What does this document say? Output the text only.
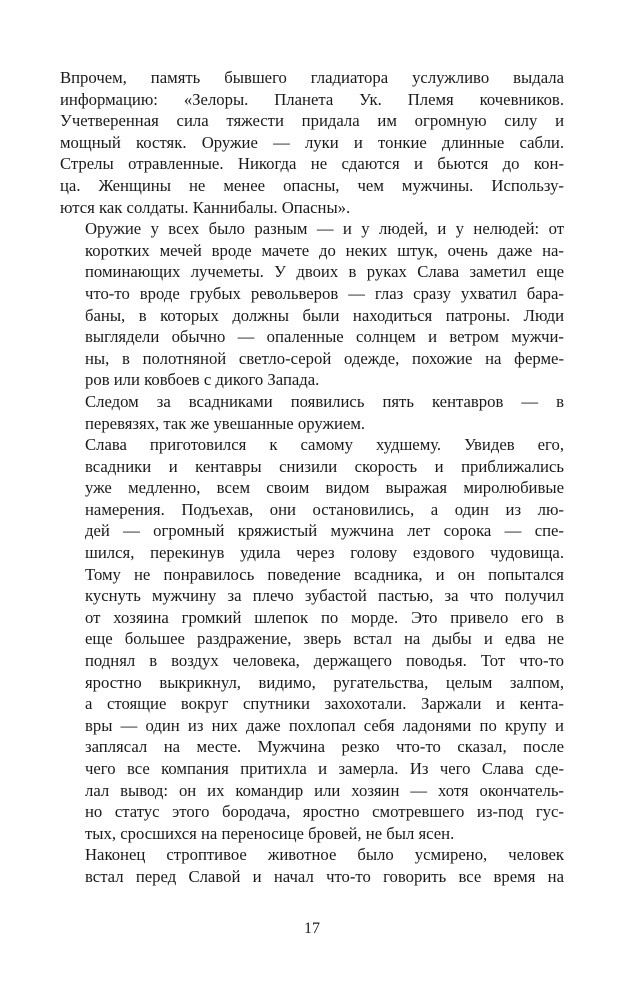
Впрочем, память бывшего гладиатора услужливо выдала
информацию: «Зелоры. Планета Ук. Племя кочевников.
Учетверенная сила тяжести придала им огромную силу и
мощный костяк. Оружие — луки и тонкие длинные сабли.
Стрелы отравленные. Никогда не сдаются и бьются до кон-
ца. Женщины не менее опасны, чем мужчины. Использу-
ются как солдаты. Каннибалы. Опасны».

Оружие у всех было разным — и у людей, и у нелюдей: от
коротких мечей вроде мачете до неких штук, очень даже на-
поминающих лучеметы. У двоих в руках Слава заметил еще
что-то вроде грубых револьверов — глаз сразу ухватил бара-
баны, в которых должны были находиться патроны. Люди
выглядели обычно — опаленные солнцем и ветром мужчи-
ны, в полотняной светло-серой одежде, похожие на ферме-
ров или ковбоев с дикого Запада.

Следом за всадниками появились пять кентавров — в
перевязях, так же увешанные оружием.

Слава приготовился к самому худшему. Увидев его,
всадники и кентавры снизили скорость и приближались
уже медленно, всем своим видом выражая миролюбивые
намерения. Подъехав, они остановились, а один из лю-
дей — огромный кряжистый мужчина лет сорока — спе-
шился, перекинув удила через голову ездового чудовища.
Тому не понравилось поведение всадника, и он попытался
куснуть мужчину за плечо зубастой пастью, за что получил
от хозяина громкий шлепок по морде. Это привело его в
еще большее раздражение, зверь встал на дыбы и едва не
поднял в воздух человека, держащего поводья. Тот что-то
яростно выкрикнул, видимо, ругательства, целым залпом,
а стоящие вокруг спутники захохотали. Заржали и кента-
вры — один из них даже похлопал себя ладонями по крупу и
заплясал на месте. Мужчина резко что-то сказал, после
чего все компания притихла и замерла. Из чего Слава сде-
лал вывод: он их командир или хозяин — хотя окончатель-
но статус этого бородача, яростно смотревшего из-под гус-
тых, сросшихся на переносице бровей, не был ясен.

Наконец строптивое животное было усмирено, человек
встал перед Славой и начал что-то говорить все время на

17
